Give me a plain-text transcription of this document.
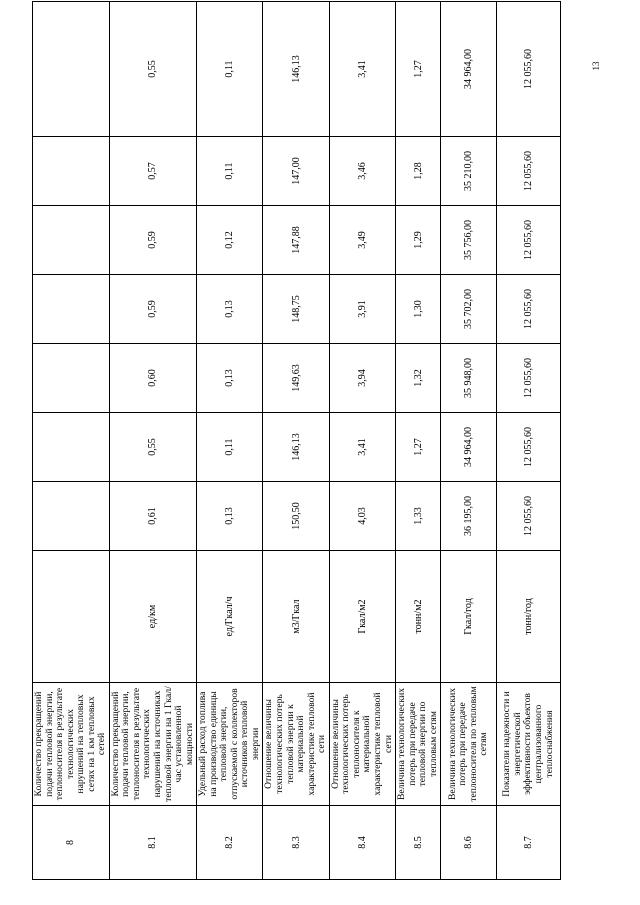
13
8	Количество прекращений подачи тепловой энергии, теплоносителя в результате технологических нарушений на тепловых сетях на 1 км тепловых сетей								
8.1	Количество прекращений подачи тепловой энергии, теплоносителя в результате технологических нарушений на источниках тепловой энергии на 1 Гкал/час установленной мощности	ед/км	0,61	0,55	0,60	0,59	0,59	0,57	0,55
8.2	Удельный расход топлива на производство единицы тепловой энергии, отпускаемой с коллекторов источников тепловой энергии	ед/Гкал/ч	0,13	0,11	0,13	0,13	0,12	0,11	0,11
8.3	Отношение величины технологических потерь тепловой энергии к материальной характеристике тепловой сети	м3/Гкал	150,50	146,13	149,63	148,75	147,88	147,00	146,13
8.4	Отношение величины технологических потерь теплоносителя к материальной характеристике тепловой сети	Гкал/м2	4,03	3,41	3,94	3,91	3,49	3,46	3,41
8.5	Величина технологических потерь при передаче тепловой энергии по тепловым сетям	тонн/м2	1,33	1,27	1,32	1,30	1,29	1,28	1,27
8.6	Величина технологических потерь при передаче теплоносителя по тепловым сетям	Гкал/год	36 195,00	34 964,00	35 948,00	35 702,00	35 756,00	35 210,00	34 964,00
8.7	Показатели надежности и энергетической эффективности объектов централизованного теплоснабжения	тонн/год	12 055,60	12 055,60	12 055,60	12 055,60	12 055,60	12 055,60	12 055,60
